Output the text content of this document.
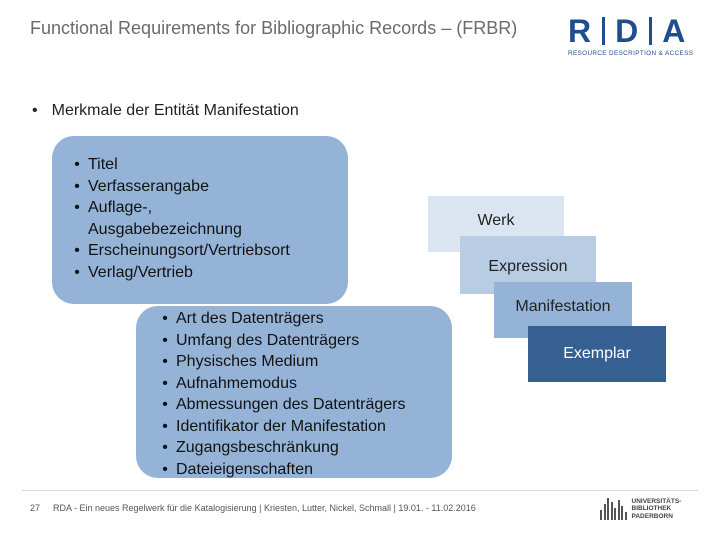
Functional Requirements for Bibliographic Records – (FRBR)	R D A
RESOURCE DESCRIPTION & ACCESS
• Merkmale der Entität Manifestation
• Titel
• Verfasserangabe
• Auflage-, Ausgabebezeichnung
• Erscheinungsort/Vertriebsort
• Verlag/Vertrieb
Werk
Expression
Manifestation
Exemplar
• Art des Datenträgers
• Umfang des Datenträgers
• Physisches Medium
• Aufnahmemodus
• Abmessungen des Datenträgers
• Identifikator der Manifestation
• Zugangsbeschränkung
• Dateieigenschaften
27 RDA - Ein neues Regelwerk für die Katalogisierung | Kriesten, Lutter, Nickel, Schmall | 19.01. - 11.02.2016
UNIVERSITÄTS-
BIBLIOTHEK
PADERBORN
